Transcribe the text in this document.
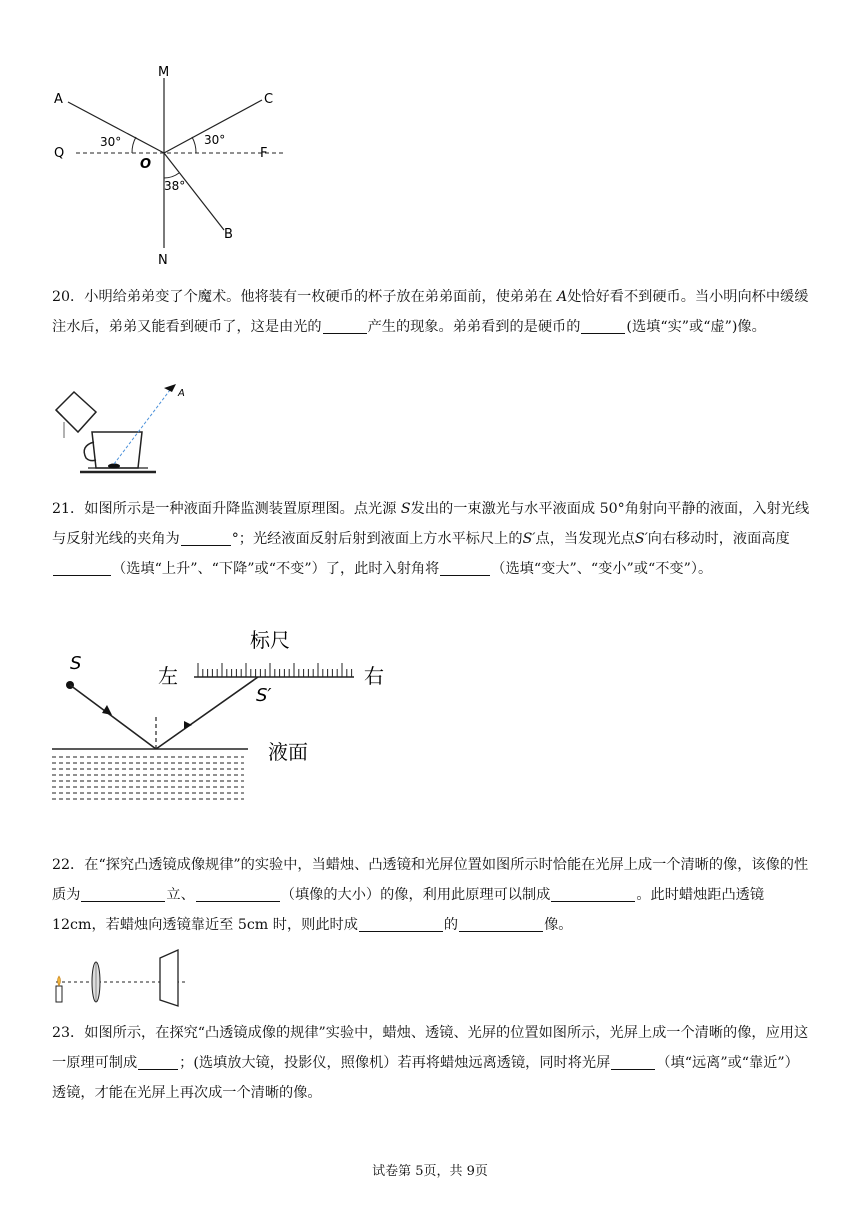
M
N
A
B
C
Q	F
O
30°	30°
38°

20．小明给弟弟变了个魔术。他将装有一枚硬币的杯子放在弟弟面前，使弟弟在 A处恰好看不到硬币。当小明向杯中缓缓注水后，弟弟又能看到硬币了，这是由光的	产生的现象。弟弟看到的是硬币的	(选填“实”或“虚”)像。

A

21．如图所示是一种液面升降监测装置原理图。点光源 S发出的一束激光与水平液面成 50°角射向平静的液面，入射光线与反射光线的夹角为	°；光经液面反射后射到液面上方水平标尺上的S′点，当发现光点S′向右移动时，液面高度（选填“上升”、“下降”或“不变”）了，此时入射角将	（选填“变大”、“变小”或“不变”）。

标尺
左	右
S
S′
液面

22．在“探究凸透镜成像规律”的实验中，当蜡烛、凸透镜和光屏位置如图所示时恰能在光屏上成一个清晰的像，该像的性质为	立、	（填像的大小）的像，利用此原理可以制成	。此时蜡烛距凸透镜 12cm，若蜡烛向透镜靠近至 5cm 时，则此时成	的	像。

23．如图所示，在探究“凸透镜成像的规律”实验中，蜡烛、透镜、光屏的位置如图所示，光屏上成一个清晰的像，应用这一原理可制成	；(选填放大镜，投影仪，照像机）若再将蜡烛远离透镜，同时将光屏	（填“远离”或“靠近”）透镜，才能在光屏上再次成一个清晰的像。

试卷第 5页，共 9页
